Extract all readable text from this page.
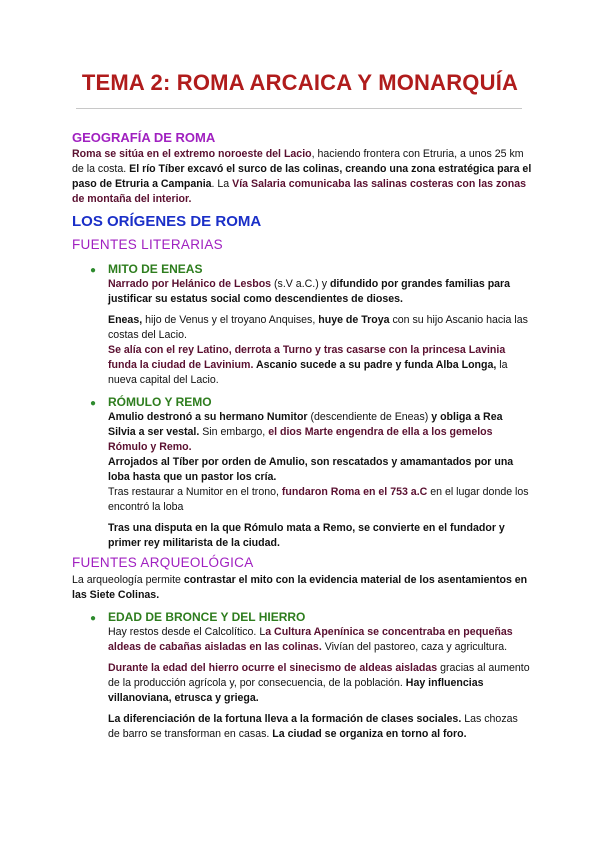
TEMA 2: ROMA ARCAICA Y MONARQUÍA
GEOGRAFÍA DE ROMA

Roma se sitúa en el extremo noroeste del Lacio, haciendo frontera con Etruria, a unos 25 km de la costa. El río Tíber excavó el surco de las colinas, creando una zona estratégica para el paso de Etruria a Campania. La Vía Salaria comunicaba las salinas costeras con las zonas de montaña del interior.

LOS ORÍGENES DE ROMA
FUENTES LITERARIAS
● MITO DE ENEAS

Narrado por Helánico de Lesbos (s.V a.C.) y difundido por grandes familias para justificar su estatus social como descendientes de dioses.

Eneas, hijo de Venus y el troyano Anquises, huye de Troya con su hijo Ascanio hacia las costas del Lacio.

Se alía con el rey Latino, derrota a Turno y tras casarse con la princesa Lavinia funda la ciudad de Lavinium. Ascanio sucede a su padre y funda Alba Longa, la nueva capital del Lacio.

● RÓMULO Y REMO

Amulio destronó a su hermano Numitor (descendiente de Eneas) y obliga a Rea Silvia a ser vestal. Sin embargo, el dios Marte engendra de ella a los gemelos Rómulo y Remo.

Arrojados al Tíber por orden de Amulio, son rescatados y amamantados por una loba hasta que un pastor los cría.

Tras restaurar a Numitor en el trono, fundaron Roma en el 753 a.C en el lugar donde los encontró la loba

Tras una disputa en la que Rómulo mata a Remo, se convierte en el fundador y primer rey militarista de la ciudad.

FUENTES ARQUEOLÓGICA

La arqueología permite contrastar el mito con la evidencia material de los asentamientos en las Siete Colinas.

● EDAD DE BRONCE Y DEL HIERRO

Hay restos desde el Calcolítico. La Cultura Apenínica se concentraba en pequeñas aldeas de cabañas aisladas en las colinas. Vivían del pastoreo, caza y agricultura.

Durante la edad del hierro ocurre el sinecismo de aldeas aisladas gracias al aumento de la producción agrícola y, por consecuencia, de la población. Hay influencias villanoviana, etrusca y griega.

La diferenciación de la fortuna lleva a la formación de clases sociales. Las chozas de barro se transforman en casas. La ciudad se organiza en torno al foro.
